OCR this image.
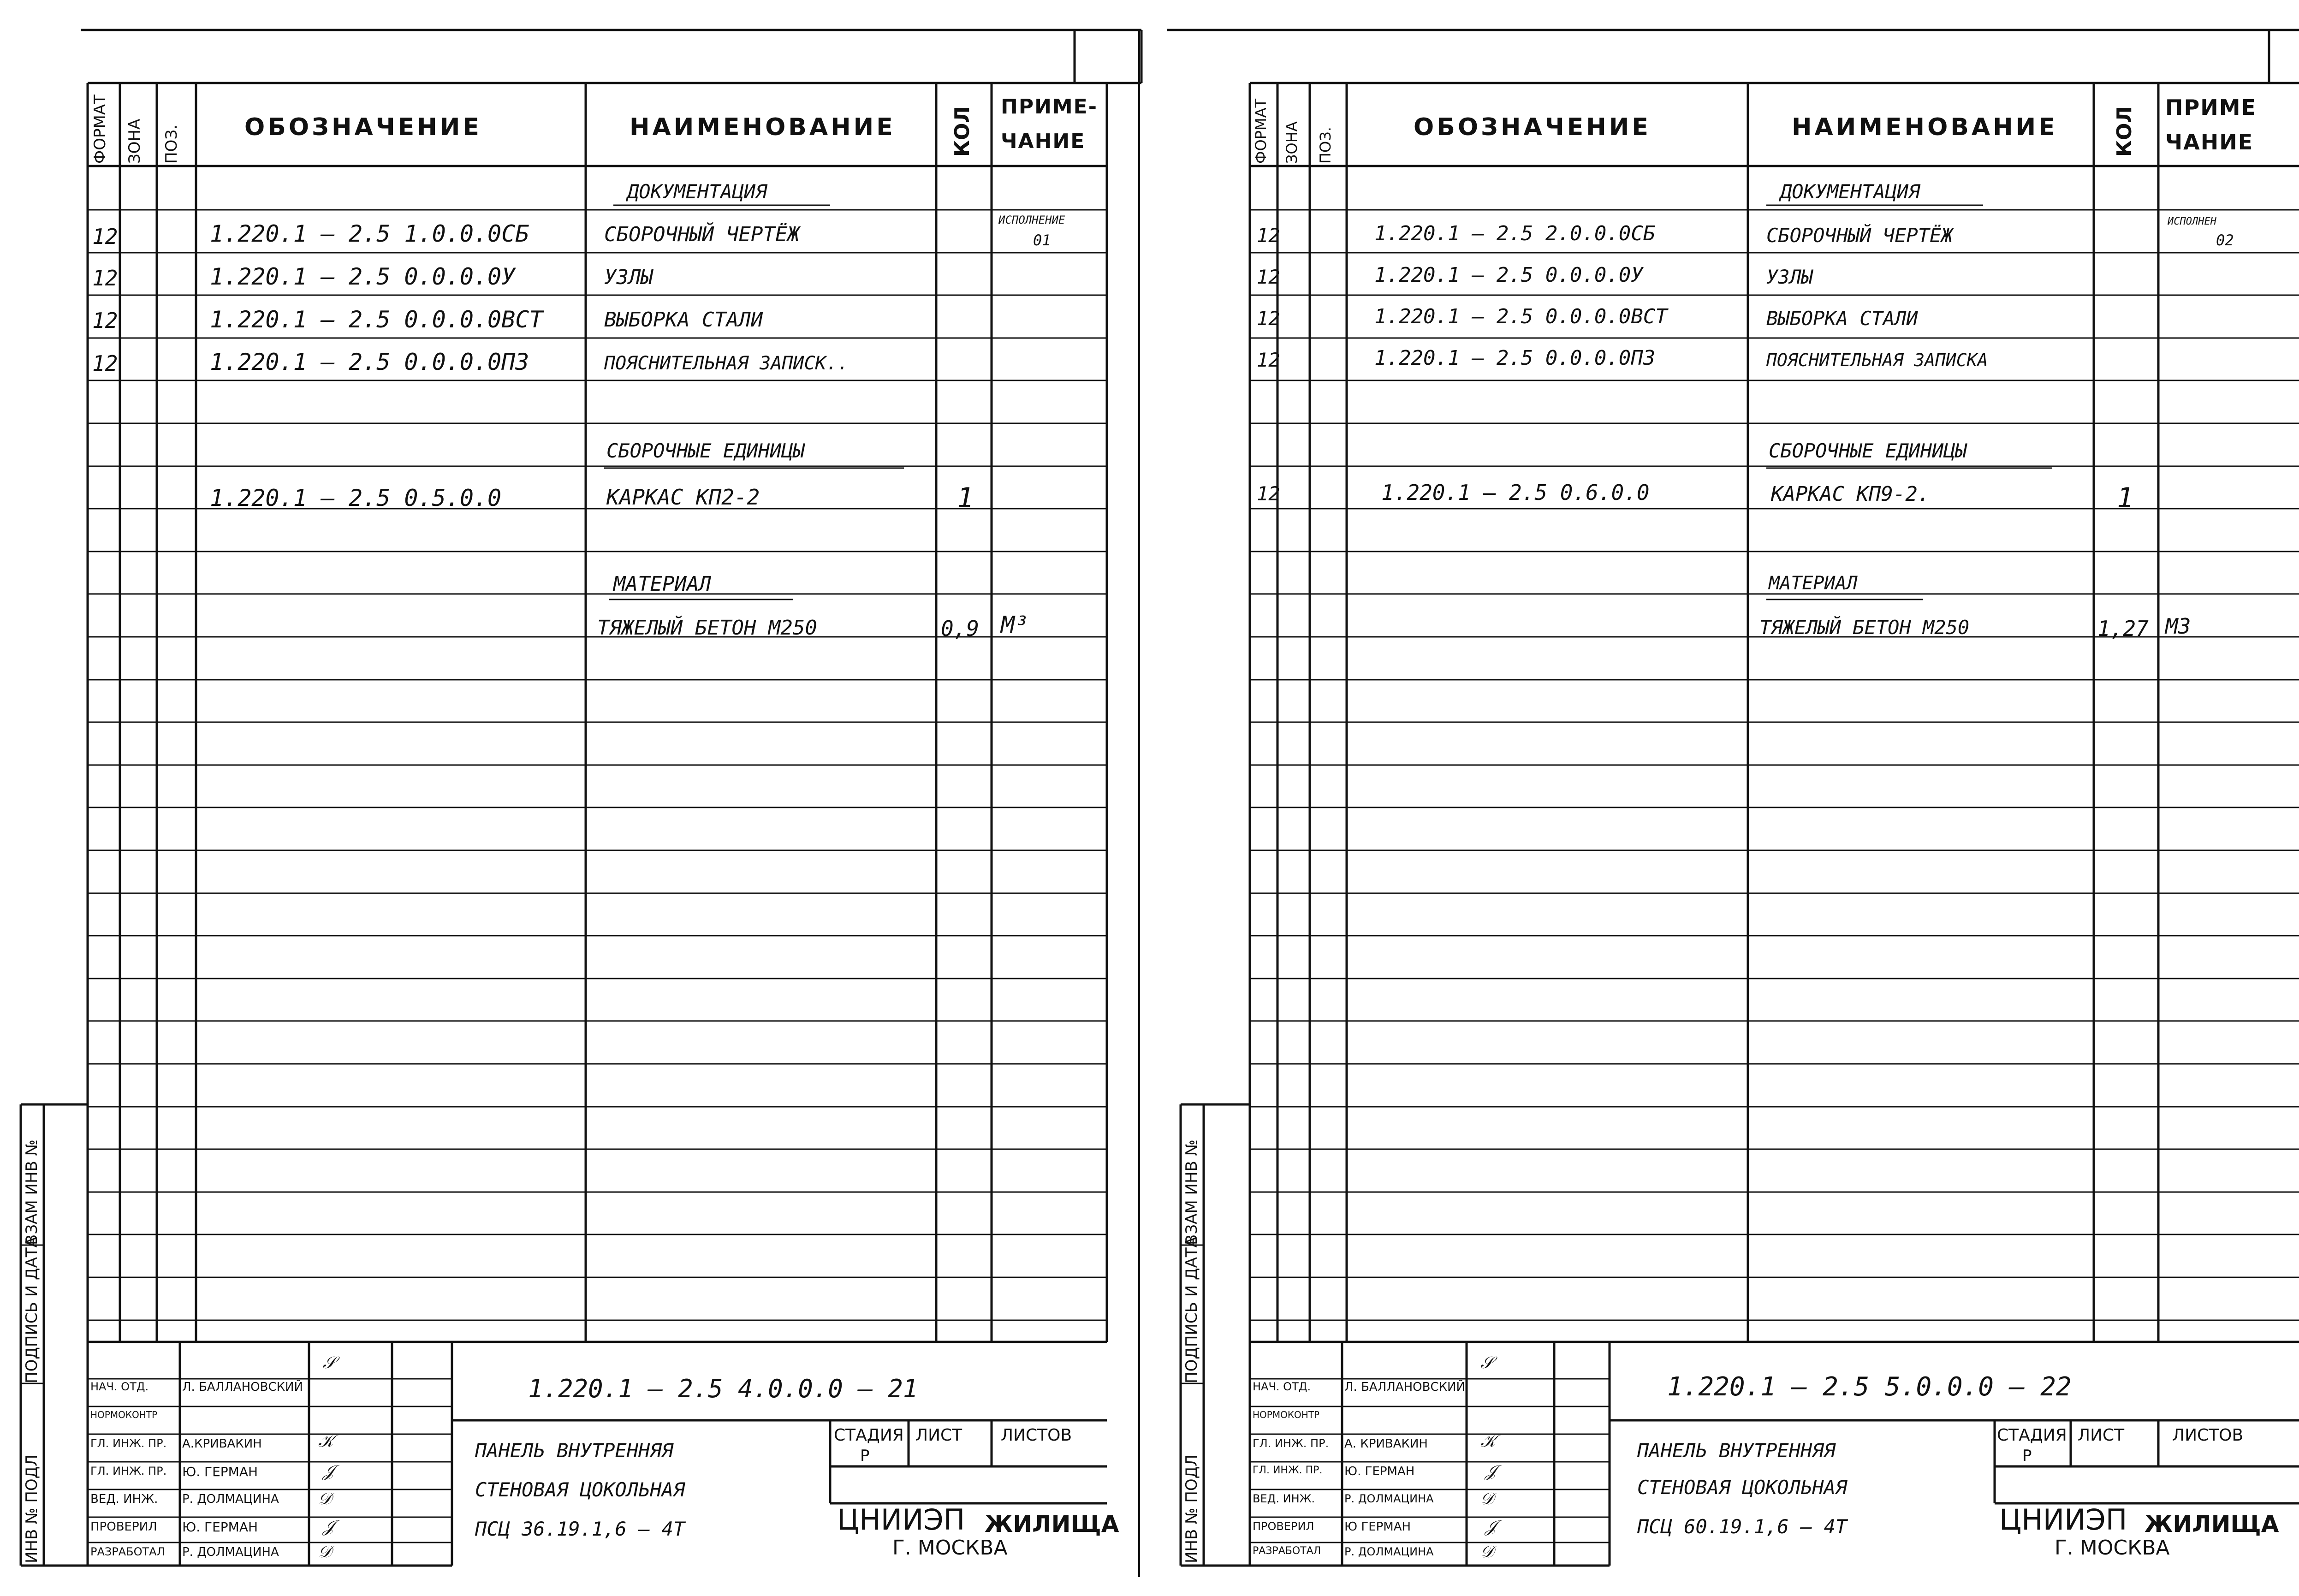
ФОРМАТ ЗОНА ПОЗ.	ОБОЗНАЧЕНИЕ	НАИМЕНОВАНИЕ	КОЛ ПРИМЕ-
ЧАНИЕ
ИНВ № ПОДЛ
ПОДПИСЬ И ДАТА
ВЗАМ ИНВ №
ДОКУМЕНТАЦИЯ
12	1.220.1 – 2.5 1.0.0.0СБ	СБОРОЧНЫЙ ЧЕРТЁЖ
ИСПОЛНЕНИЕ
01
12	1.220.1 – 2.5 0.0.0.0У	УЗЛЫ
12	1.220.1 – 2.5 0.0.0.0ВСТ	ВЫБОРКА СТАЛИ
12	1.220.1 – 2.5 0.0.0.0ПЗ	ПОЯСНИТЕЛЬНАЯ ЗАПИСК..
СБОРОЧНЫЕ ЕДИНИЦЫ
1.220.1 – 2.5 0.5.0.0	КАРКАС КП2-2	1
МАТЕРИАЛ
ТЯЖЕЛЫЙ БЕТОН М250	0,9 М³
НАЧ. ОТД.	Л. БАЛЛАНОВСКИЙ
НОРМОКОНТР
ГЛ. ИНЖ. ПР. А.КРИВАКИН
ГЛ. ИНЖ. ПР. Ю. ГЕРМАН
ВЕД. ИНЖ. Р. ДОЛМАЦИНА
ПРОВЕРИЛ Ю. ГЕРМАН
РАЗРАБОТАЛ Р. ДОЛМАЦИНА
𝒮
𝒦
𝒥
𝒟
𝒥
𝒟
1.220.1 – 2.5 4.0.0.0 – 21
ПАНЕЛЬ ВНУТРЕННЯЯ
СТЕНОВАЯ ЦОКОЛЬНАЯ
ПСЦ 36.19.1,6 – 4Т
СТАДИЯ ЛИСТ ЛИСТОВ
Р
ЦНИИЭП ЖИЛИЩА
Г. МОСКВА
ФОРМАТ ЗОНА ПОЗ.	ОБОЗНАЧЕНИЕ	НАИМЕНОВАНИЕ	КОЛ ПРИМЕ
ЧАНИЕ
ИНВ № ПОДЛ
ПОДПИСЬ И ДАТА
ВЗАМ ИНВ №
ДОКУМЕНТАЦИЯ
12	1.220.1 – 2.5 2.0.0.0СБ	СБОРОЧНЫЙ ЧЕРТЁЖ
ИСПОЛНЕН
02
12	1.220.1 – 2.5 0.0.0.0У	УЗЛЫ
12	1.220.1 – 2.5 0.0.0.0ВСТ	ВЫБОРКА СТАЛИ
12	1.220.1 – 2.5 0.0.0.0ПЗ	ПОЯСНИТЕЛЬНАЯ ЗАПИСКА
СБОРОЧНЫЕ ЕДИНИЦЫ
12	1.220.1 – 2.5 0.6.0.0	КАРКАС КП9-2.	1
МАТЕРИАЛ
ТЯЖЕЛЫЙ БЕТОН М250	1,27 М3
НАЧ. ОТД.	Л. БАЛЛАНОВСКИЙ
НОРМОКОНТР
ГЛ. ИНЖ. ПР. А. КРИВАКИН
ГЛ. ИНЖ. ПР. Ю. ГЕРМАН
ВЕД. ИНЖ.	Р. ДОЛМАЦИНА
ПРОВЕРИЛ	Ю ГЕРМАН
РАЗРАБОТАЛ Р. ДОЛМАЦИНА
𝒮
𝒦
𝒥
𝒟
𝒥
𝒟
1.220.1 – 2.5 5.0.0.0 – 22
ПАНЕЛЬ ВНУТРЕННЯЯ
СТЕНОВАЯ ЦОКОЛЬНАЯ
ПСЦ 60.19.1,6 – 4Т
СТАДИЯ ЛИСТ	ЛИСТОВ
Р
ЦНИИЭП ЖИЛИЩА
Г. МОСКВА
